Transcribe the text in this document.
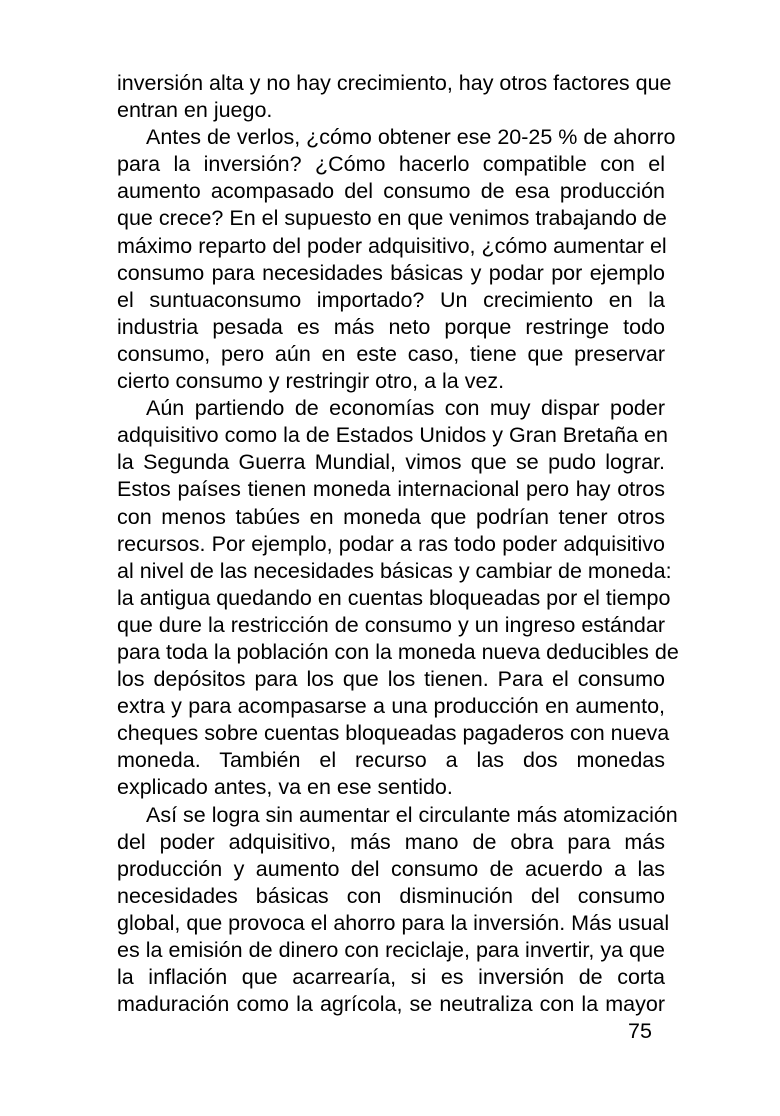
inversión alta y no hay crecimiento, hay otros factores que
entran en juego.
Antes de verlos, ¿cómo obtener ese 20-25 % de ahorro
para la inversión? ¿Cómo hacerlo compatible con el
aumento acompasado del consumo de esa producción
que crece? En el supuesto en que venimos trabajando de
máximo reparto del poder adquisitivo, ¿cómo aumentar el
consumo para necesidades básicas y podar por ejemplo
el suntuaconsumo importado? Un crecimiento en la
industria pesada es más neto porque restringe todo
consumo, pero aún en este caso, tiene que preservar
cierto consumo y restringir otro, a la vez.
Aún partiendo de economías con muy dispar poder
adquisitivo como la de Estados Unidos y Gran Bretaña en
la Segunda Guerra Mundial, vimos que se pudo lograr.
Estos países tienen moneda internacional pero hay otros
con menos tabúes en moneda que podrían tener otros
recursos. Por ejemplo, podar a ras todo poder adquisitivo
al nivel de las necesidades básicas y cambiar de moneda:
la antigua quedando en cuentas bloqueadas por el tiempo
que dure la restricción de consumo y un ingreso estándar
para toda la población con la moneda nueva deducibles de
los depósitos para los que los tienen. Para el consumo
extra y para acompasarse a una producción en aumento,
cheques sobre cuentas bloqueadas pagaderos con nueva
moneda. También el recurso a las dos monedas
explicado antes, va en ese sentido.
Así se logra sin aumentar el circulante más atomización
del poder adquisitivo, más mano de obra para más
producción y aumento del consumo de acuerdo a las
necesidades básicas con disminución del consumo
global, que provoca el ahorro para la inversión. Más usual
es la emisión de dinero con reciclaje, para invertir, ya que
la inflación que acarrearía, si es inversión de corta
maduración como la agrícola, se neutraliza con la mayor
75
